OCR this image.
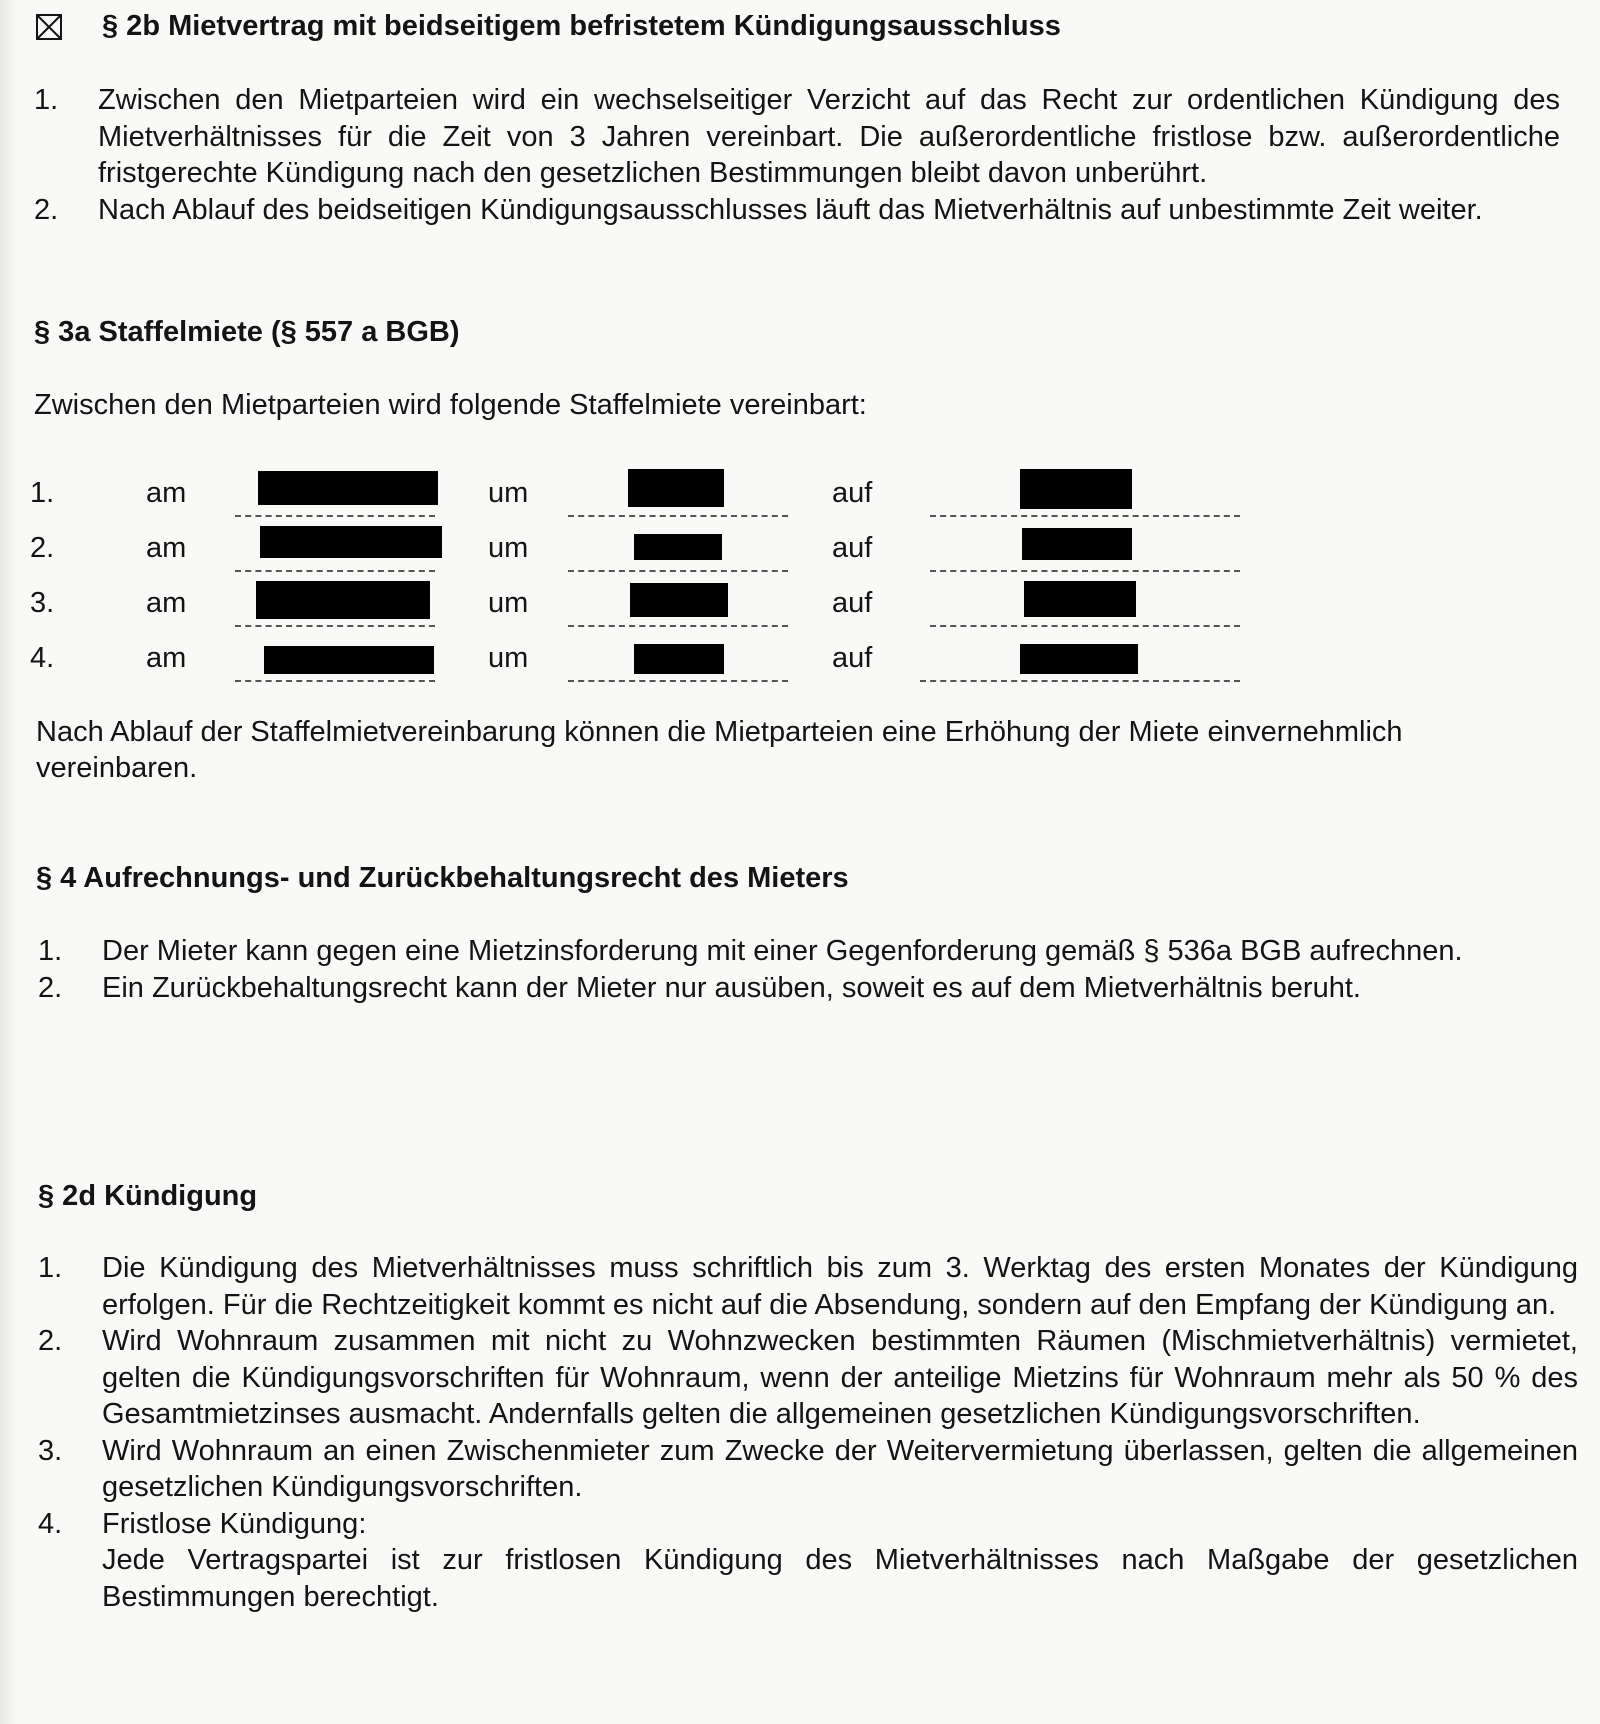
§ 2b Mietvertrag mit beidseitigem befristetem Kündigungsausschluss
1. Zwischen den Mietparteien wird ein wechselseitiger Verzicht auf das Recht zur ordentlichen Kündigung des Mietverhältnisses für die Zeit von 3 Jahren vereinbart. Die außerordentliche fristlose bzw. außerordentliche fristgerechte Kündigung nach den gesetzlichen Bestimmungen bleibt davon unberührt.
2. Nach Ablauf des beidseitigen Kündigungsausschlusses läuft das Mietverhältnis auf unbestimmte Zeit weiter.
§ 3a Staffelmiete (§ 557 a BGB)

Zwischen den Mietparteien wird folgende Staffelmiete vereinbart:

1.	am	um	auf
2.	am	um	auf
3.	am	um	auf
4.	am	um	auf

Nach Ablauf der Staffelmietvereinbarung können die Mietparteien eine Erhöhung der Miete einvernehmlich vereinbaren.

§ 4 Aufrechnungs- und Zurückbehaltungsrecht des Mieters
1. Der Mieter kann gegen eine Mietzinsforderung mit einer Gegenforderung gemäß § 536a BGB aufrechnen.
2. Ein Zurückbehaltungsrecht kann der Mieter nur ausüben, soweit es auf dem Mietverhältnis beruht.
§ 2d Kündigung
1. Die Kündigung des Mietverhältnisses muss schriftlich bis zum 3. Werktag des ersten Monates der Kündigung erfolgen. Für die Rechtzeitigkeit kommt es nicht auf die Absendung, sondern auf den Empfang der Kündigung an.
2. Wird Wohnraum zusammen mit nicht zu Wohnzwecken bestimmten Räumen (Mischmietverhältnis) vermietet, gelten die Kündigungsvorschriften für Wohnraum, wenn der anteilige Mietzins für Wohnraum mehr als 50 % des Gesamtmietzinses ausmacht. Andernfalls gelten die allgemeinen gesetzlichen Kündigungsvorschriften.
3. Wird Wohnraum an einen Zwischenmieter zum Zwecke der Weitervermietung überlassen, gelten die allgemeinen gesetzlichen Kündigungsvorschriften.
4. Fristlose Kündigung:
Jede Vertragspartei ist zur fristlosen Kündigung des Mietverhältnisses nach Maßgabe der gesetzlichen Bestimmungen berechtigt.
